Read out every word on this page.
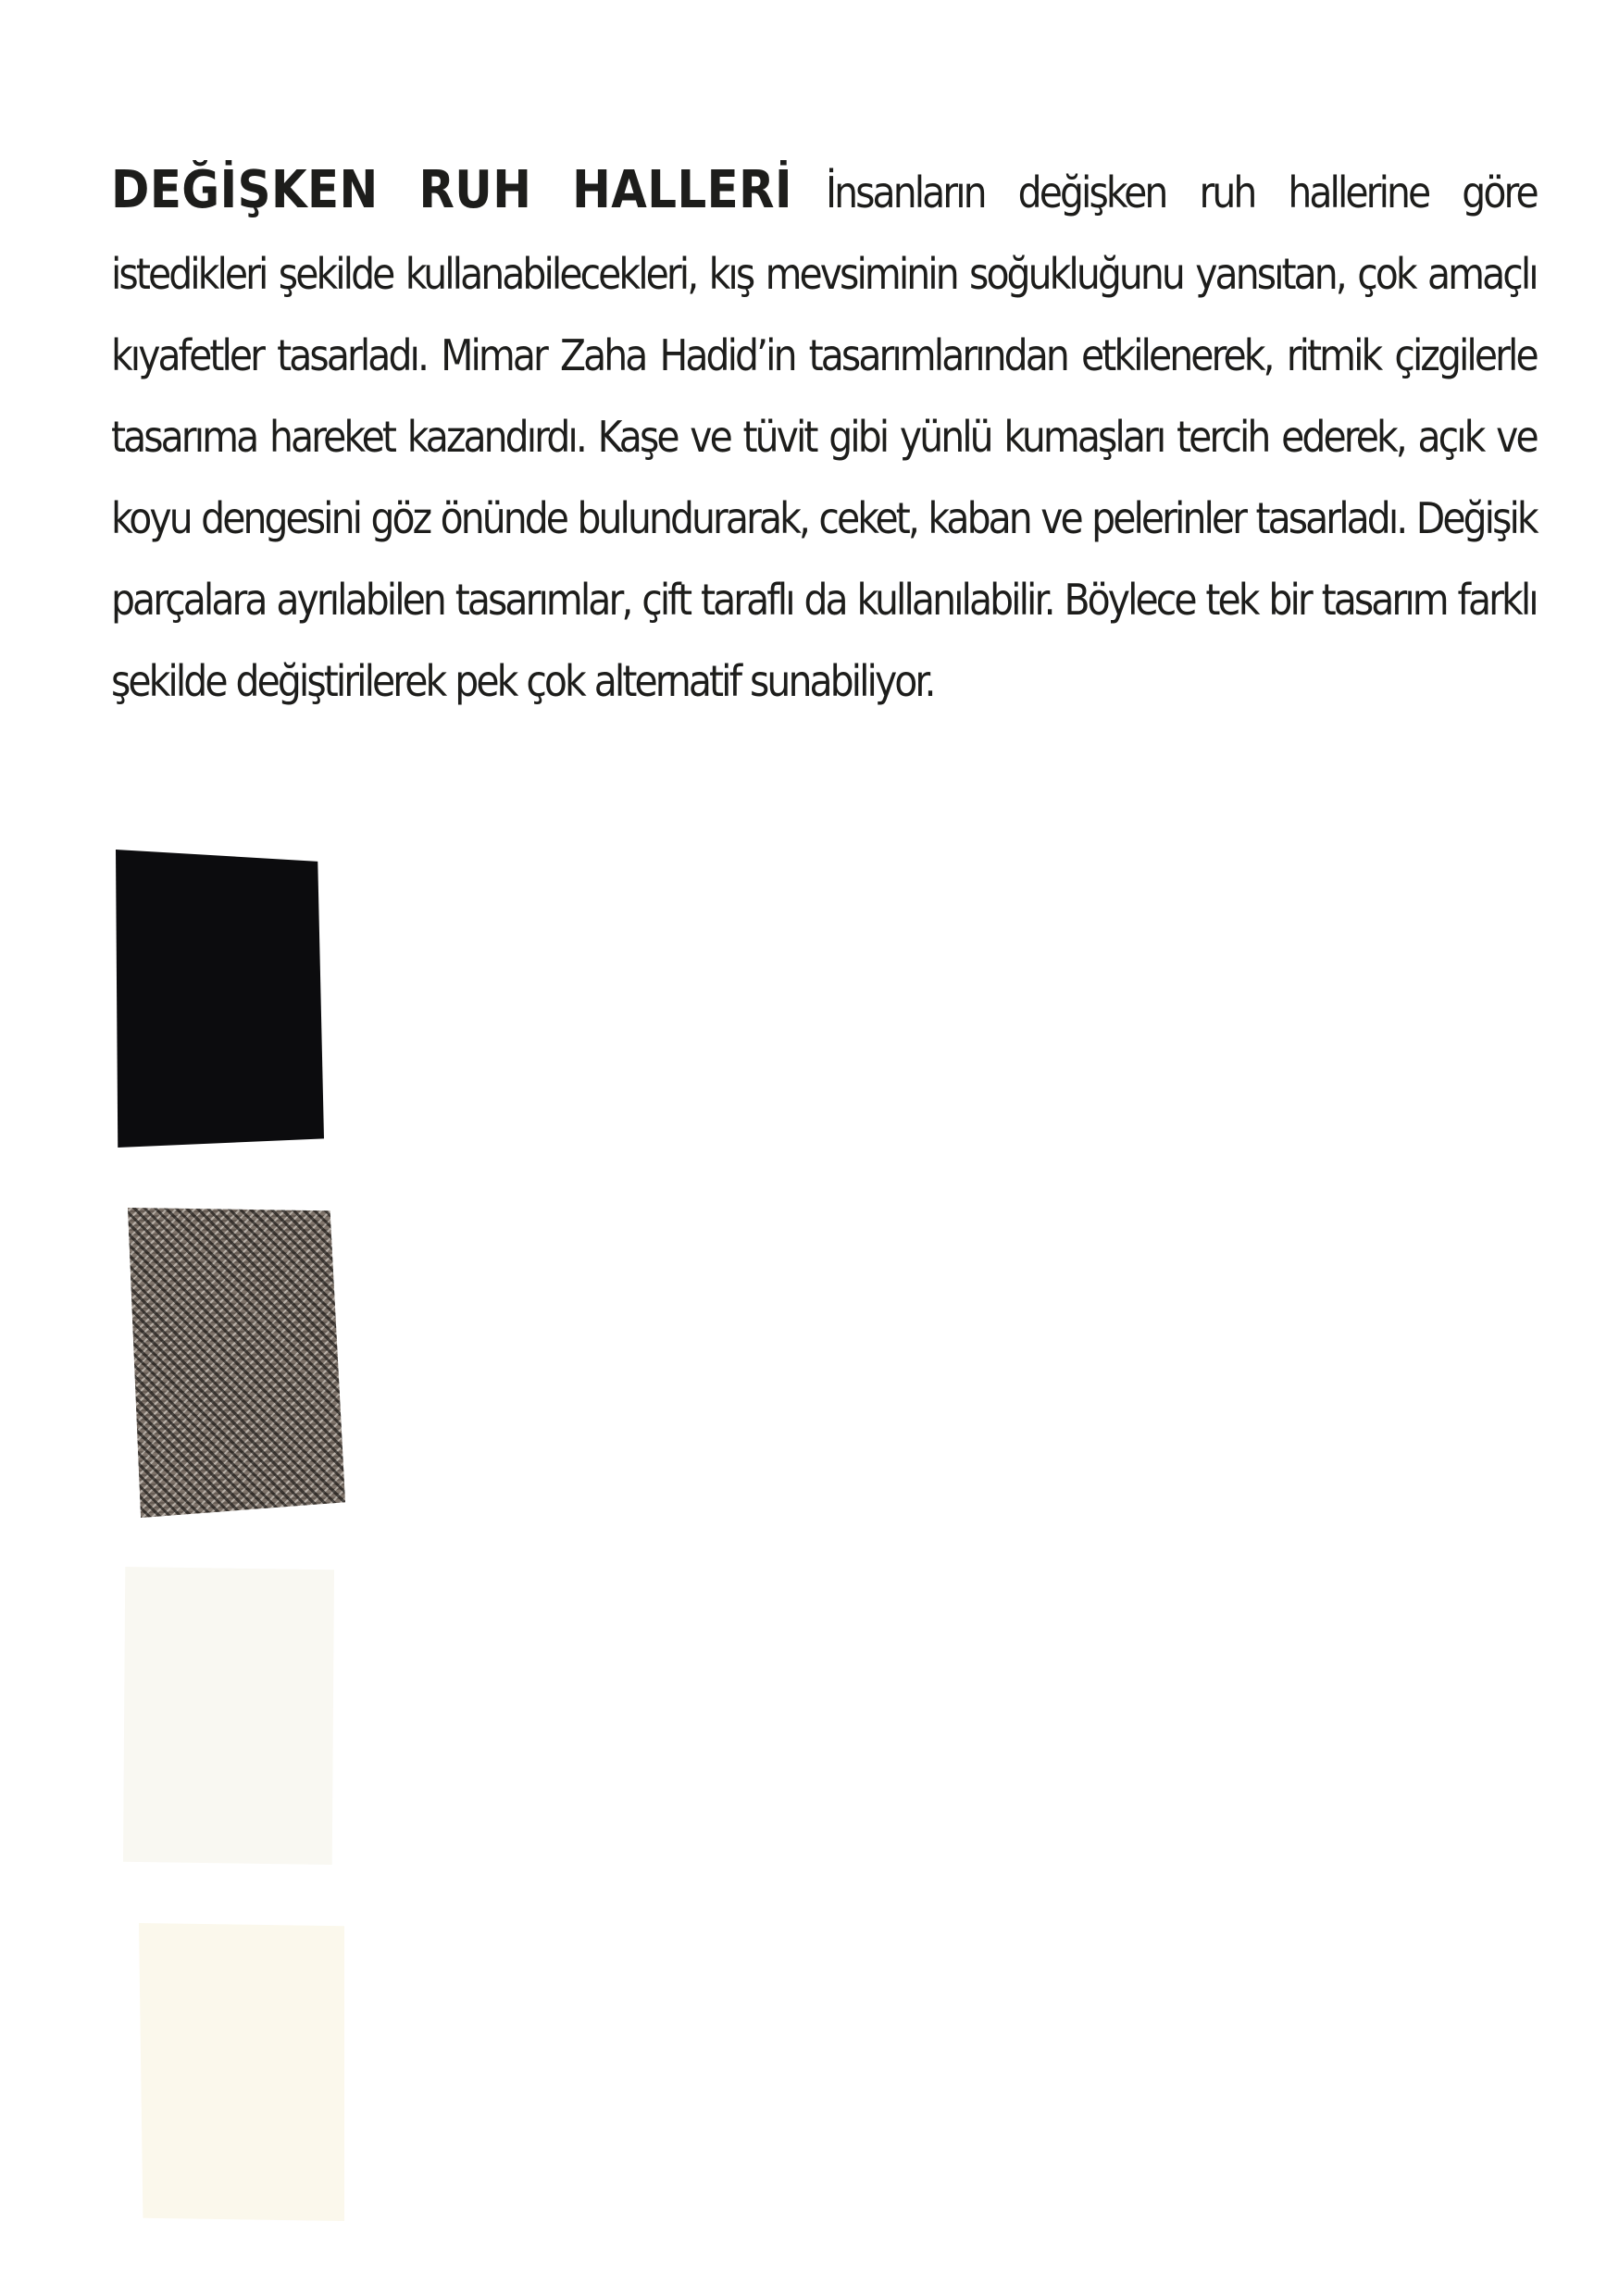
DEĞİŞKEN RUH HALLERİ İnsanların değişken ruh hallerine göre istedikleri şekilde kullanabilecekleri, kış mevsiminin soğukluğunu yansıtan, çok amaçlı kıyafetler tasarladı. Mimar Zaha Hadid’in tasarımlarından etkilenerek, ritmik çizgilerle tasarıma hareket kazandırdı. Kaşe ve tüvit gibi yünlü kumaşları tercih ederek, açık ve koyu dengesini göz önünde bulundurarak, ceket, kaban ve pelerinler tasarladı. Değişik parçalara ayrılabilen tasarımlar, çift taraflı da kullanılabilir. Böylece tek bir tasarım farklı şekilde değiştirilerek pek çok alternatif sunabiliyor.
